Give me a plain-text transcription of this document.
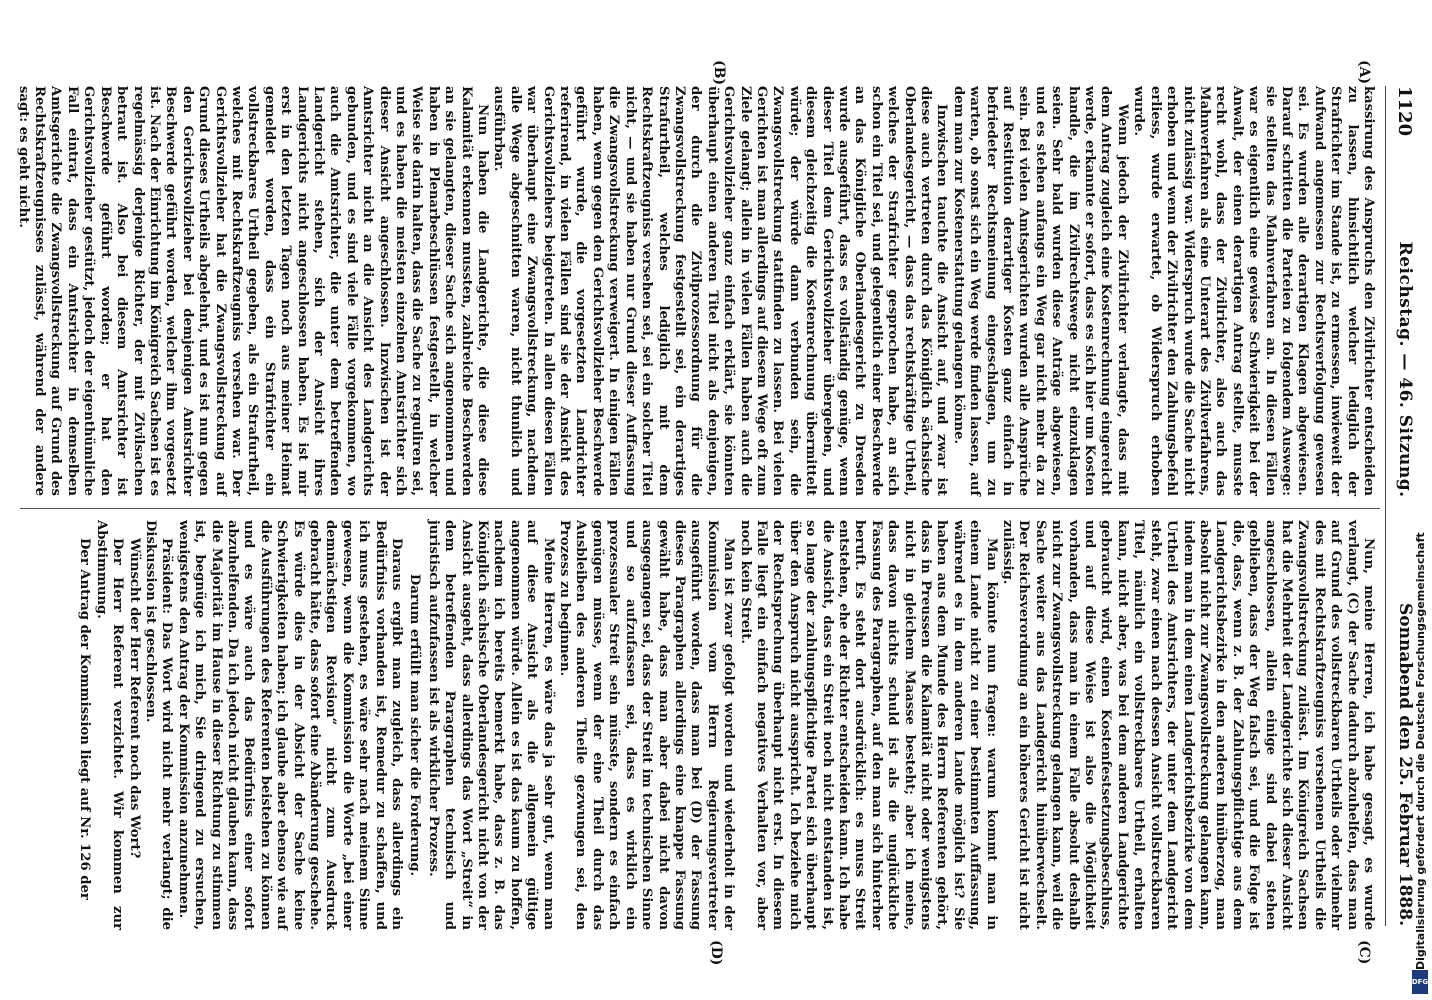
1120
Reichstag. — 46. Sitzung.
Sonnabend den 25. Februar 1888.
(A)
(B)
(C)
(D)

kassirung des Anspruchs den Zivilrichter entscheiden zu lassen, hinsichtlich welcher lediglich der Strafrichter im Stande ist, zu ermessen, inwieweit der Aufwand angemessen zur Rechtsverfolgung gewesen sei. Es wurden alle derartigen Klagen abgewiesen. Darauf schritten die Parteien zu folgendem Auswege: sie stellten das Mahnverfahren an. In diesen Fällen war es eigentlich eine gewisse Schwierigkeit bei der Anwalt, der einen derartigen Antrag stellte, musste recht wohl, dass der Zivilrichter, also auch das Mahnverfahren als eine Unterart des Zivilverfahrens, nicht zulässig war. Widerspruch wurde die Sache nicht erhoben und wenn der Zivilrichter den Zahlungsbefehl erliess, wurde erwartet, ob Widerspruch erhoben wurde.

Wenn jedoch der Zivilrichter verlangte, dass mit dem Antrag zugleich eine Kostenrechnung eingereicht werde, erkannte er sofort, dass es sich hier um Kosten handle, die im Zivilrechtswege nicht einzuklagen seien. Sehr bald wurden diese Anträge abgewiesen, und es stehen anfangs ein Weg gar nicht mehr da zu sein. Bei vielen Amtsgerichten wurden alle Ansprüche auf Restitution derartiger Kosten ganz einfach in befriedeter Rechtsmeinung eingeschlagen, um zu warten, ob sonst sich ein Weg werde finden lassen, auf dem man zur Kostenerstattung gelangen könne.

Inzwischen tauchte die Ansicht auf, und zwar ist diese auch vertreten durch das Königlich sächsische Oberlandesgericht, — dass das rechtskräftige Urtheil, welches der Strafrichter gesprochen habe, an sich schon ein Titel sei, und gelegentlich einer Beschwerde an das Königliche Oberlandesgericht zu Dresden wurde ausgeführt, dass es vollständig genüge, wenn dieser Titel dem Gerichtsvollzieher übergeben, und diesem gleichzeitig die Kostenrechnung übermittelt würde; der würde dann verbunden sein, die Zwangsvollstreckung stattfinden zu lassen. Bei vielen Gerichten ist man allerdings auf diesem Wege oft zum Ziele gelangt; allein in vielen Fällen haben auch die Gerichtsvollzieher ganz einfach erklärt, sie könnten überhaupt einen anderen Titel nicht als denjenigen, der durch die Zivilprozessordnung für die Zwangsvollstreckung festgestellt sei, ein derartiges Strafurtheil, welches lediglich mit dem Rechtskraftzeugniss versehen sei, sei ein solcher Titel nicht, — und sie haben nur Grund dieser Auffassung die Zwangsvollstreckung verweigert. In einigen Fällen haben, wenn gegen den Gerichtsvollzieher Beschwerde geführt wurde, die vorgesetzten Landrichter referirend, in vielen Fällen sind sie der Ansicht des Gerichtsvollziehers beigetreten. In allen diesen Fällen war überhaupt eine Zwangsvollstreckung, nachdem alle Wege abgeschnitten waren, nicht thunlich und ausführbar.

Nun haben die Landgerichte, die diese diese Kalamität erkennen mussten, zahlreiche Beschwerden an sie gelangten, dieser Sache sich angenommen und haben in Plenarbeschlüssen festgestellt, in welcher Weise sie darin halten, dass die Sache zu reguliren sei, und es haben die meisten einzelnen Amtsrichter sich dieser Ansicht angeschlossen. Inzwischen ist der Amtsrichter nicht an die Ansicht des Landgerichts gebunden, und es sind viele Fälle vorgekommen, wo auch die Amtsrichter, die unter dem betreffenden Landgericht stehen, sich der Ansicht ihres Landgerichts nicht angeschlossen haben. Es ist mir erst in den letzten Tagen noch aus meiner Heimat gemeldet worden, dass ein Strafrichter ein vollstreckbares Urtheil gegeben, als ein Strafurtheil, welches mit Rechtskraftzeugniss versehen war. Der Gerichtsvollzieher hat die Zwangsvollstreckung auf Grund dieses Urtheils abgelehnt, und es ist nun gegen den Gerichtsvollzieher bei demjenigen Amtsrichter Beschwerde geführt worden, welcher ihm vorgesetzt ist. Nach der Einrichtung im Königreich Sachsen ist es regelmässig derjenige Richter, der mit Zivilsachen betraut ist. Also bei diesem Amtsrichter ist Beschwerde geführt worden; er hat den Gerichtsvollzieher gestützt, jedoch der eigenthümliche Fall eintrat, dass ein Amtsrichter in demselben Amtsgerichte die Zwangsvollstreckung auf Grund des Rechtskraftzeugnisses zulässt, während der andere sagt: es geht nicht.

Nun, meine Herren, ich habe gesagt, es wurde verlangt, (C) der Sache dadurch abzuhelfen, dass man auf Grund des vollstreckbaren Urtheils oder vielmehr des mit Rechtskraftzeugniss versehenen Urtheils die Zwangsvollstreckung zulässt. Im Königreich Sachsen hat die Mehrheit der Landgerichte sich dieser Ansicht angeschlossen, allein einige sind dabei stehen geblieben, dass der Weg falsch sei, und die Folge ist die, dass, wenn z. B. der Zahlungspflichtige aus dem Landgerichtsbezirke in den anderen hinüberzog, man absolut nicht zur Zwangsvollstreckung gelangen kann, indem man in dem einen Landgerichtsbezirke von dem Urtheil des Amtsrichters, der unter dem Landgericht steht, zwar einen nach dessen Ansicht vollstreckbaren Titel, nämlich ein vollstreckbares Urtheil, erhalten kann, nicht aber, was bei dem anderen Landgerichte gebraucht wird, einen Kostenfestsetzungsbeschluss, und auf diese Weise ist also die Möglichkeit vorhanden, dass man in einem Falle absolut deshalb nicht zur Zwangsvollstreckung gelangen kann, weil die Sache weiter aus das Landgericht hinüberwechselt. Der Reichsverordnung an ein höheres Gericht ist nicht zulässig.

Man könnte nun fragen: warum kommt man in einem Lande nicht zu einer bestimmten Auffassung, während es in dem anderen Lande möglich ist? Sie haben aus dem Munde des Herrn Referenten gehört, dass in Preussen die Kalamität nicht oder wenigstens nicht in gleichem Maasse besteht; aber ich meine, dass davon nichts schuld ist als die unglückliche Fassung des Paragraphen, auf den man sich hinterher beruft. Es steht dort ausdrücklich: es muss Streit entstehen, ehe der Richter entscheiden kann. Ich habe die Ansicht, dass ein Streit noch nicht entstanden ist, so lange der zahlungspflichtige Partei sich überhaupt über den Anspruch nicht ausspricht. Ich beziehe mich der Rechtsprechung überhaupt nicht erst. In diesem Falle liegt ein einfach negatives Verhalten vor, aber noch kein Streit.

Man ist zwar gefolgt worden und wiederholt in der Kommission vom Herrn Regierungsvertreter ausgeführt worden, dass man bei (D) der Fassung dieses Paragraphen allerdings eine knappe Fassung gewählt habe, dass man aber dabei nicht davon ausgegangen sei, dass der Streit im technischen Sinne und so aufzufassen sei, dass es wirklich ein prozessualer Streit sein müsste, sondern es einfach genügen müsse, wenn der eine Theil durch das Ausbleiben des anderen Theile gezwungen sei, den Prozess zu beginnen.

Meine Herren, es wäre das ja sehr gut, wenn man auf diese Ansicht als die allgemein gültige angenommen würde. Allein es ist das kaum zu hoffen, nachdem ich bereits bemerkt habe, dass z. B. das Königlich sächsische Oberlandesgericht nicht von der Ansicht ausgeht, dass allerdings das Wort „Streit“ in dem betreffenden Paragraphen technisch und juristisch aufzufassen ist als wirklicher Prozess.

Darum erfüllt man sicher die Forderung.

Daraus ergibt man zugleich, dass allerdings ein Bedürfniss vorhanden ist, Remedur zu schaffen, und ich muss gestehen, es wäre sehr nach meinem Sinne gewesen, wenn die Kommission die Worte „bei einer demnächstigen Revision“ nicht zum Ausdruck gebracht hätte, dass sofort eine Abänderung geschehe. Es würde dies in der Absicht der Sache keine Schwierigkeiten haben; ich glaube aber ebenso wie auf die Ausführungen des Referenten beistehen zu können und es wäre auch das Bedürfniss einer sofort abzuhelfenden. Da ich jedoch nicht glauben kann, dass die Majorität im Hause in dieser Richtung zu stimmen ist, begnüge ich mich, Sie dringend zu ersuchen, wenigstens den Antrag der Kommission anzunehmen.

Präsident: Das Wort wird nicht mehr verlangt; die Diskussion ist geschlossen.

Wünscht der Herr Referent noch das Wort?

Der Herr Referent verzichtet. Wir kommen zur Abstimmung.

Der Antrag der Kommission liegt auf Nr. 126 der	Digitalisierung gefördert durch die Deutsche Forschungsgemeinschaft
DFG
